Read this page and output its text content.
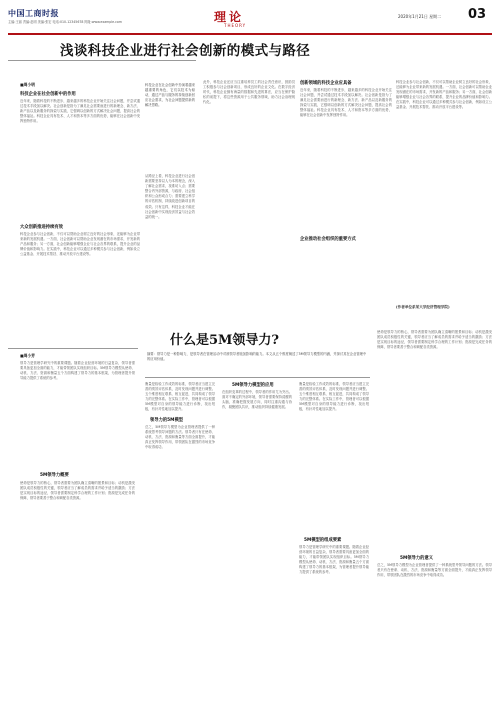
中国工商时报
主编:王丽 责编:赵明 美编:张宏 电话:010-12345678 网址:www.example.com	理论
THEORY
2020年1月21日 星期二 03
浅谈科技企业进行社会创新的模式与路径
■周小明
科技企业在社会创新中的作用
近年来，随着科技的不断进步，越来越多的科技企业开始关注社会问题，并尝试通过技术手段加以解决。社会创新是指为了满足社会需要而进行的新理念、新方法、新产品以及新服务的探索与实践，它强调以创新的方式解决社会问题，提高社会的整体福祉。科技企业具有技术、人才和资本等多方面的优势，能够在社会创新中发挥独特作用。
大众创新推进持续有效
科技企业参与社会创新，不仅可以帮助企业树立良好的社会形象，还能够为企业带来新的发展机遇。一方面，社会创新可以帮助企业发现潜在的市场需求，开发新的产品和服务；另一方面，社会创新能够增强企业与社会各界的联系，提升企业的品牌价值和影响力。在实践中，科技企业可以通过多种模式参与社会创新，例如设立公益基金、开展技术帮扶、推动开放平台建设等。
科技企业在社会创新中扮演着越来越重要的角色，它们以技术为驱动，通过产品与服务的持续创新回应社会需求，为社会问题提供新的解决思路。
从路径上看，科技企业进行社会创新需要坚持以人为本的理念，深入了解社会需求，找准切入点；需要整合内外部资源，与政府、社会组织和公众形成合力；需要建立科学的评估机制，持续改进创新项目的成效。只有这样，科技企业才能在社会创新中实现经济效益与社会效益的统一。
此外，科技企业还应当注重培养员工的社会责任意识，鼓励员工积极参与社会创新项目，形成良好的企业文化。在数字经济时代，科技企业拥有海量的数据和先进的算法，应当在保护隐私的前提下，将这些资源用于公共服务领域，助力社会治理现代化。
创新领域的科技企业应具备
近年来，随着科技的不断进步，越来越多的科技企业开始关注社会问题，并尝试通过技术手段加以解决。社会创新是指为了满足社会需要而进行的新理念、新方法、新产品以及新服务的探索与实践，它强调以创新的方式解决社会问题，提高社会的整体福祉。科技企业具有技术、人才和资本等多方面的优势，能够在社会创新中发挥独特作用。
企业推动社会组织的重要方式
科技企业参与社会创新，不仅可以帮助企业树立良好的社会形象，还能够为企业带来新的发展机遇。一方面，社会创新可以帮助企业发现潜在的市场需求，开发新的产品和服务；另一方面，社会创新能够增强企业与社会各界的联系，提升企业的品牌价值和影响力。在实践中，科技企业可以通过多种模式参与社会创新，例如设立公益基金、开展技术帮扶、推动开放平台建设等。
(作者单位系某大学经济管理学院)
什么是5M领导力?
摘要：领导力是一种影响力，是领导者在管理活动中对被领导者施加影响的能力。本文从五个维度阐述了5M领导力模型的内涵，并探讨其在企业管理中的应用价值。
■周小芳
领导力是管理学研究中的重要课题。随着企业经营环境的日益复杂，领导者需要具备更加全面的能力，才能带领团队实现组织目标。5M领导力模型从使命、动机、方法、资源和衡量五个方面构建了领导力的基本框架，为管理者提升领导能力提供了系统的参考。
5M领导力概要
使命是领导力的核心，领导者需要为团队确立清晰的愿景和目标；动机是激发团队成员积极性的关键，领导者应当了解成员的需求并给予适当的激励；方法是实现目标的途径，领导者需要制定科学合理的工作计划；资源是完成任务的保障，领导者要善于整合和调配各类资源。
衡量是检验工作成效的标准，领导者应当建立完善的绩效评估体系，及时发现问题并进行调整。五个维度相互联系、相互促进，共同构成了领导力的完整体系。在实际工作中，管理者可以根据5M模型对自身的领导能力进行诊断，找出短板，有针对性地加以提升。
领导力的5M模型
总之，5M领导力模型为企业管理者提供了一种系统思考领导问题的方法。领导者只有在使命、动机、方法、资源和衡量等方面全面提升，才能真正发挥领导作用，带领团队在激烈的市场竞争中取得成功。
5M领导力模型的应用
在组织变革的过程中，领导者的作用尤为突出。面对不确定的外部环境，领导者需要保持清醒的头脑，准确把握发展方向，同时注重沟通与协作，凝聚团队共识，推动组织持续健康发展。
衡量是检验工作成效的标准，领导者应当建立完善的绩效评估体系，及时发现问题并进行调整。五个维度相互联系、相互促进，共同构成了领导力的完整体系。在实际工作中，管理者可以根据5M模型对自身的领导能力进行诊断，找出短板，有针对性地加以提升。
5M模型的组成要素
领导力是管理学研究中的重要课题。随着企业经营环境的日益复杂，领导者需要具备更加全面的能力，才能带领团队实现组织目标。5M领导力模型从使命、动机、方法、资源和衡量五个方面构建了领导力的基本框架，为管理者提升领导能力提供了系统的参考。
使命是领导力的核心，领导者需要为团队确立清晰的愿景和目标；动机是激发团队成员积极性的关键，领导者应当了解成员的需求并给予适当的激励；方法是实现目标的途径，领导者需要制定科学合理的工作计划；资源是完成任务的保障，领导者要善于整合和调配各类资源。
5M领导力的意义
总之，5M领导力模型为企业管理者提供了一种系统思考领导问题的方法。领导者只有在使命、动机、方法、资源和衡量等方面全面提升，才能真正发挥领导作用，带领团队在激烈的市场竞争中取得成功。
